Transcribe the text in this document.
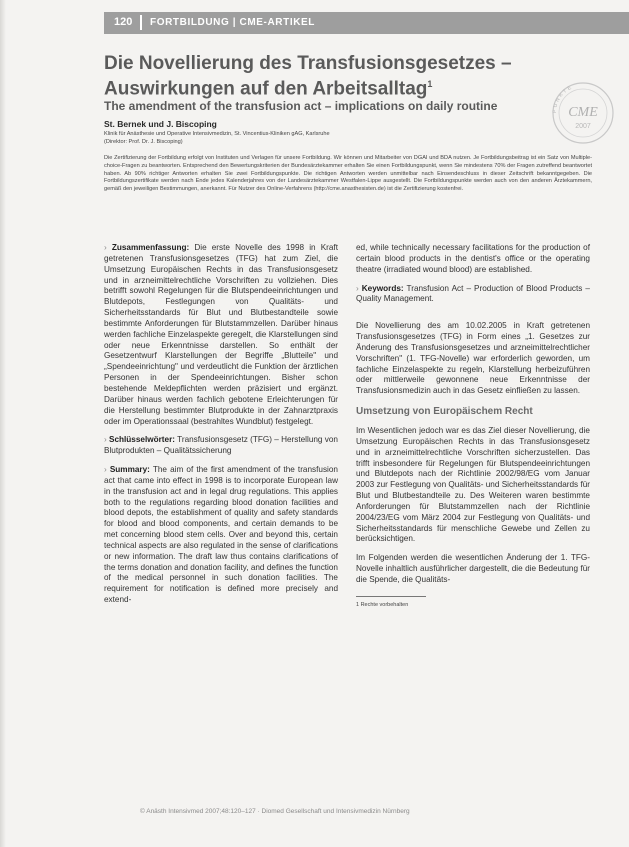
120 FORTBILDUNG | CME-ARTIKEL
Die Novellierung des Transfusionsgesetzes – Auswirkungen auf den Arbeitsalltag$^1$
The amendment of the transfusion act – implications on daily routine	PUNKTE
CME
2007
St. Bernek und J. Biscoping
Klinik für Anästhesie und Operative Intensivmedizin, St. Vincentius-Kliniken gAG, Karlsruhe
(Direktor: Prof. Dr. J. Biscoping)
Die Zertifizierung der Fortbildung erfolgt von Instituten und Verlagen für unsere Fortbildung. Wir können und Mitarbeiter von DGAI und BDA nutzen. Je Fortbildungsbeitrag ist ein Satz von Multiple-choice-Fragen zu beantworten. Entsprechend den Bewertungskriterien der Bundesärztekammer erhalten Sie einen Fortbildungspunkt, wenn Sie mindestens 70% der Fragen zutreffend beantwortet haben. Ab 90% richtiger Antworten erhalten Sie zwei Fortbildungspunkte. Die richtigen Antworten werden unmittelbar nach Einsendeschluss in dieser Zeitschrift bekanntgegeben. Die Fortbildungszertifikate werden nach Ende jedes Kalenderjahres von der Landesärztekammer Westfalen-Lippe ausgestellt. Die Fortbildungspunkte werden auch von den anderen Ärztekammern, gemäß den jeweiligen Bestimmungen, anerkannt. Für Nutzer des Online-Verfahrens (http://cme.anasthesisten.de) ist die Zertifizierung kostenfrei.

› Zusammenfassung: Die erste Novelle des 1998 in Kraft getretenen Transfusionsgesetzes (TFG) hat zum Ziel, die Umsetzung Europäischen Rechts in das Transfusionsgesetz und in arzneimittelrechtliche Vorschriften zu vollziehen. Dies betrifft sowohl Regelungen für die Blutspendeeinrichtungen und Blutdepots, Festlegungen von Qualitäts- und Sicherheitsstandards für Blut und Blutbestandteile sowie bestimmte Anforderungen für Blutstammzellen. Darüber hinaus werden fachliche Einzelaspekte geregelt, die Klarstellungen sind oder neue Erkenntnisse darstellen. So enthält der Gesetzentwurf Klarstellungen der Begriffe „Blutteile" und „Spendeeinrichtung" und verdeutlicht die Funktion der ärztlichen Personen in der Spendeeinrichtungen. Bisher schon bestehende Meldepflichten werden präzisiert und ergänzt. Darüber hinaus werden fachlich gebotene Erleichterungen für die Herstellung bestimmter Blutprodukte in der Zahnarztpraxis oder im Operationssaal (bestrahltes Wundblut) festgelegt.

› Schlüsselwörter: Transfusionsgesetz (TFG) – Herstellung von Blutprodukten – Qualitätssicherung

› Summary: The aim of the first amendment of the transfusion act that came into effect in 1998 is to incorporate European law in the transfusion act and in legal drug regulations. This applies both to the regulations regarding blood donation facilities and blood depots, the establishment of quality and safety standards for blood and blood components, and certain demands to be met concerning blood stem cells. Over and beyond this, certain technical aspects are also regulated in the sense of clarifications or new information. The draft law thus contains clarifications of the terms donation and donation facility, and defines the function of the medical personnel in such donation facilities. The requirement for notification is defined more precisely and extend-

ed, while technically necessary facilitations for the production of certain blood products in the dentist's office or the operating theatre (irradiated wound blood) are established.

› Keywords: Transfusion Act – Production of Blood Products – Quality Management.

Die Novellierung des am 10.02.2005 in Kraft getretenen Transfusionsgesetzes (TFG) in Form eines „1. Gesetzes zur Änderung des Transfusionsgesetzes und arzneimittelrechtlicher Vorschriften" (1. TFG-Novelle) war erforderlich geworden, um fachliche Einzelaspekte zu regeln, Klarstellung herbeizuführen oder mittlerweile gewonnene neue Erkenntnisse der Transfusionsmedizin auch in das Gesetz einfließen zu lassen.

Umsetzung von Europäischem Recht

Im Wesentlichen jedoch war es das Ziel dieser Novellierung, die Umsetzung Europäischen Rechts in das Transfusionsgesetz und in arzneimittelrechtliche Vorschriften sicherzustellen. Das trifft insbesondere für Regelungen für Blutspendeeinrichtungen und Blutdepots nach der Richtlinie 2002/98/EG vom Januar 2003 zur Festlegung von Qualitäts- und Sicherheitsstandards für Blut und Blutbestandteile zu. Des Weiteren waren bestimmte Anforderungen für Blutstammzellen nach der Richtlinie 2004/23/EG vom März 2004 zur Festlegung von Qualitäts- und Sicherheitsstandards für menschliche Gewebe und Zellen zu berücksichtigen.

Im Folgenden werden die wesentlichen Änderung der 1. TFG-Novelle inhaltlich ausführlicher dargestellt, die die Bedeutung für die Spende, die Qualitäts-

1 Rechte vorbehalten
© Anästh Intensivmed 2007;48:120–127 · Diomed Gesellschaft und Intensivmedizin Nürnberg
